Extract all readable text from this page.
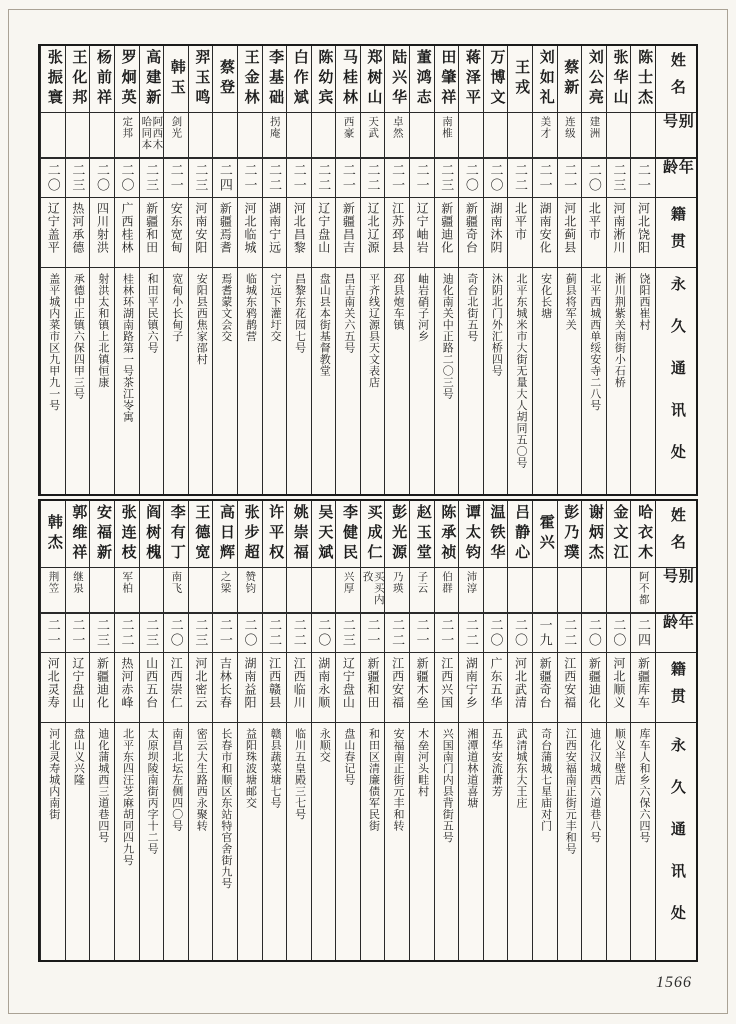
姓名
别号
年龄
籍贯
永久通讯处
陈士杰
二一
河北饶阳
饶阳西崔村
张华山
二三
河南淅川
淅川荆紫关南街小石桥
刘公亮
建洲
二〇
北平市
北平西城西单绥安寺二八号
蔡新
连级
二一
河北蓟县
蓟县将军关
刘如礼
美才
二一
湖南安化
安化长塘
王戎
二二
北平市
北平东城米市大街无量大人胡同五〇号
万博文
二〇
湖南沐阴
沐阴北门外汇桥四号
蒋泽平
二〇
新疆奇台
奇台北街五号
田肇祥
南椎
二三
新疆迪化
迪化南关中正路二〇三号
董鸿志
二一
辽宁岫岩
岫岩硝子河乡
陆兴华
卓然
二一
江苏邳县
邳县炮车镇
郑树山
天武
二二
辽北辽源
平齐线辽源县天文表店
马桂林
西豪
二一
新疆昌吉
昌吉南关六五号
陈幼宾
二二
辽宁盘山
盘山县本街基督教堂
白作斌
二一
河北昌黎
昌黎东花园七号
李基础
拐庵
二二
湖南宁远
宁远下灌圩交
王金林
二一
河北临城
临城东鸦鹊营
蔡登
二四
新疆焉耆
焉耆蒙文会交
羿玉鸣
二三
河南安阳
安阳县西焦家邵村
韩玉
剑光
二一
安东宽甸
宽甸小长甸子
高建新
阿西木哈同本
二三
新疆和田
和田平民镇六号
罗炯英
定邦
二〇
广西桂林
桂林环湖南路第一号茶江岺寓
杨前祥
二〇
四川射洪
射洪太和镇上北镇恒康
王化邦
二三
热河承德
承德中正镇六保四甲三号
张振寰
二〇
辽宁盖平
盖平城内菜市区九甲九一号
姓名
别号
年龄
籍贯
永久通讯处
哈衣木
阿不都
二四
新疆库车
库车人和乡六保六四号
金文江
二〇
河北顺义
顺义半壁店
谢炳杰
二〇
新疆迪化
迪化汉城西六道巷八号
彭乃璞
二二
江西安福
江西安福南正街元丰和号
霍兴
一九
新疆奇台
奇台蒲城七星庙对门
吕静心
二〇
河北武清
武清城东大王庄
温铁华
二〇
广东五华
五华安流萧芳
谭太钧
沛淳
二二
湖南宁乡
湘潭道林道喜塘
陈承祯
伯群
二一
江西兴国
兴国南门内县背街五号
赵玉堂
子云
二一
新疆木垒
木垒河头畦村
彭光源
乃瑛
二二
江西安福
安福南正街元丰和转
买成仁
买买内孜
二一
新疆和田
和田区清廉债军民街
李健民
兴厚
二三
辽宁盘山
盘山春记号
吴天斌
二〇
湖南永顺
永顺交
姚崇福
二二
江西临川
临川五皇殿三七号
许平权
二二
江西赣县
赣县蔬菜塘七号
张步超
赞钧
二〇
湖南益阳
益阳珠波塘邮交
高日辉
之梁
二一
吉林长春
长春市和顺区东站特官舍街九号
王德宽
二三
河北密云
密云大生路西永聚转
李有丁
南飞
二〇
江西崇仁
南昌北坛左侧四〇号
阎树槐
二三
山西五台
太原坝陵南街丙字十二号
张连枝
军柏
二二
热河赤峰
北平东四汪芝麻胡同四九号
安福新
二三
新疆迪化
迪化蒲城西三道巷四号
郭维祥
继泉
二一
辽宁盘山
盘山义兴隆
韩杰
荆笠
二一
河北灵寿
河北灵寿城内南街
1566
